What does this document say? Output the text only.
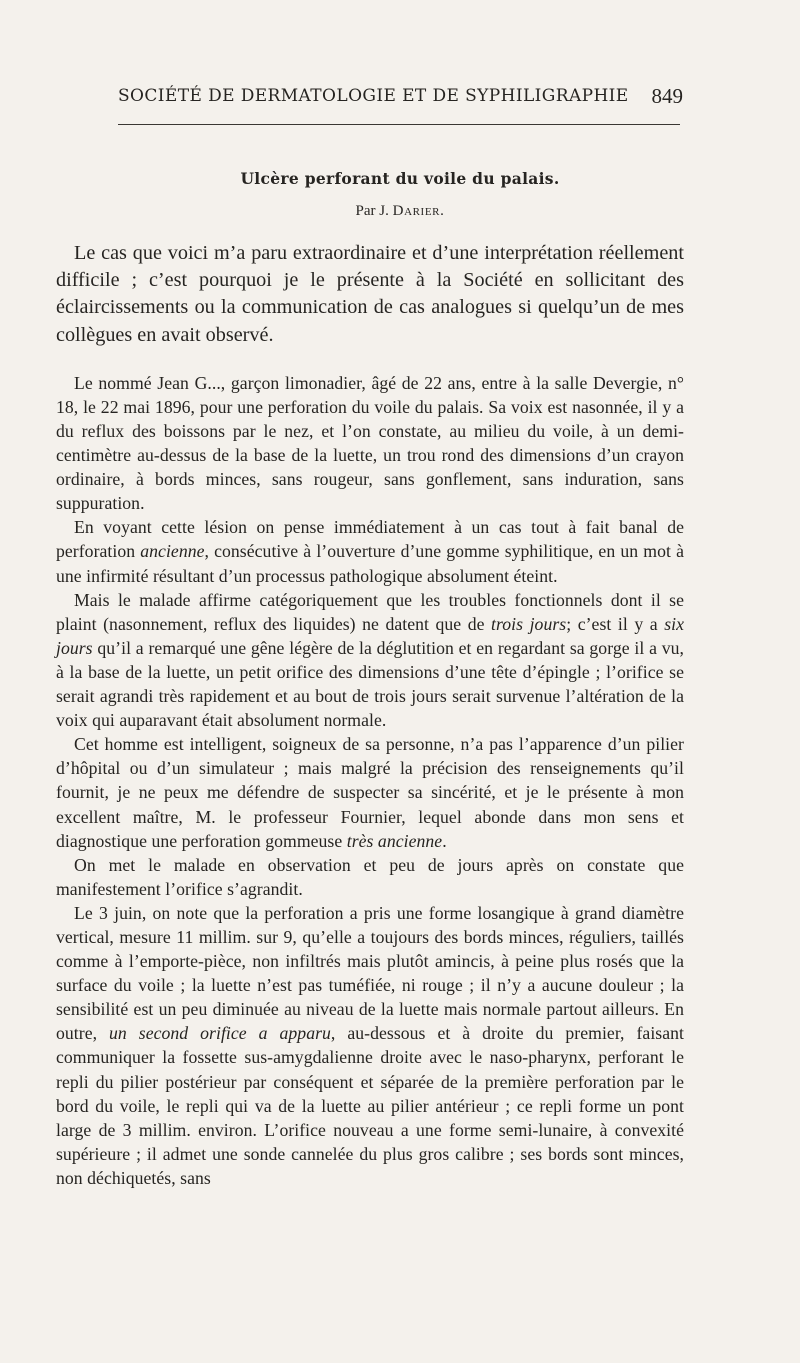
SOCIÉTÉ DE DERMATOLOGIE ET DE SYPHILIGRAPHIE 849
Ulcère perforant du voile du palais.
Par J. Darier.

Le cas que voici m’a paru extraordinaire et d’une interprétation réellement difficile ; c’est pourquoi je le présente à la Société en sollicitant des éclaircissements ou la communication de cas analogues si quelqu’un de mes collègues en avait observé.

Le nommé Jean G..., garçon limonadier, âgé de 22 ans, entre à la salle Devergie, n° 18, le 22 mai 1896, pour une perforation du voile du palais. Sa voix est nasonnée, il y a du reflux des boissons par le nez, et l’on constate, au milieu du voile, à un demi-centimètre au-dessus de la base de la luette, un trou rond des dimensions d’un crayon ordinaire, à bords minces, sans rougeur, sans gonflement, sans induration, sans suppuration.

En voyant cette lésion on pense immédiatement à un cas tout à fait banal de perforation ancienne, consécutive à l’ouverture d’une gomme syphilitique, en un mot à une infirmité résultant d’un processus pathologique absolument éteint.

Mais le malade affirme catégoriquement que les troubles fonctionnels dont il se plaint (nasonnement, reflux des liquides) ne datent que de trois jours; c’est il y a six jours qu’il a remarqué une gêne légère de la déglutition et en regardant sa gorge il a vu, à la base de la luette, un petit orifice des dimensions d’une tête d’épingle ; l’orifice se serait agrandi très rapidement et au bout de trois jours serait survenue l’altération de la voix qui auparavant était absolument normale.

Cet homme est intelligent, soigneux de sa personne, n’a pas l’apparence d’un pilier d’hôpital ou d’un simulateur ; mais malgré la précision des renseignements qu’il fournit, je ne peux me défendre de suspecter sa sincérité, et je le présente à mon excellent maître, M. le professeur Fournier, lequel abonde dans mon sens et diagnostique une perforation gommeuse très ancienne.

On met le malade en observation et peu de jours après on constate que manifestement l’orifice s’agrandit.

Le 3 juin, on note que la perforation a pris une forme losangique à grand diamètre vertical, mesure 11 millim. sur 9, qu’elle a toujours des bords minces, réguliers, taillés comme à l’emporte-pièce, non infiltrés mais plutôt amincis, à peine plus rosés que la surface du voile ; la luette n’est pas tuméfiée, ni rouge ; il n’y a aucune douleur ; la sensibilité est un peu diminuée au niveau de la luette mais normale partout ailleurs. En outre, un second orifice a apparu, au-dessous et à droite du premier, faisant communiquer la fossette sus-amygdalienne droite avec le naso-pharynx, perforant le repli du pilier postérieur par conséquent et séparée de la première perforation par le bord du voile, le repli qui va de la luette au pilier antérieur ; ce repli forme un pont large de 3 millim. environ. L’orifice nouveau a une forme semi-lunaire, à convexité supérieure ; il admet une sonde cannelée du plus gros calibre ; ses bords sont minces, non déchiquetés, sans
